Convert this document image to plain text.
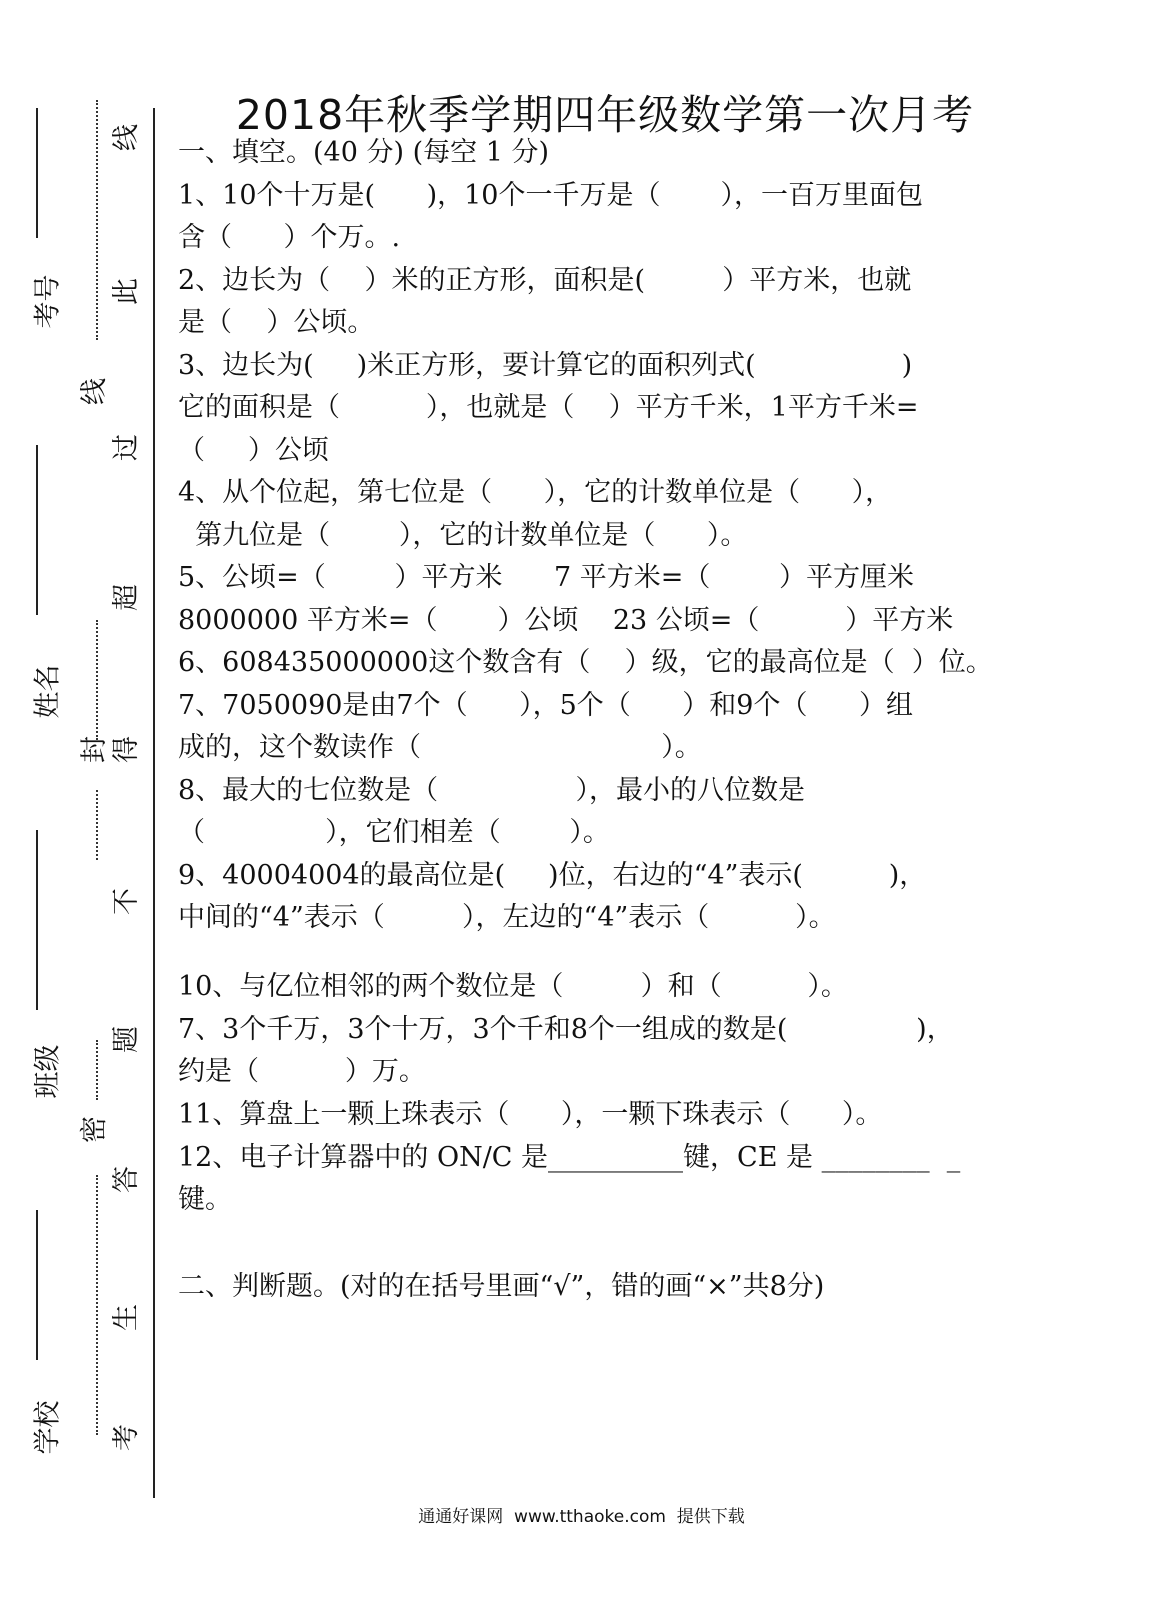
考号
姓名
班级
学校
线
此
线
过
超
封 得
不
题
密
答
生
考
2018年秋季学期四年级数学第一次月考
一、填空。(40 分) (每空 1 分)
1、10个十万是(      )，10个一千万是（       ），一百万里面包
含（      ）个万。.
2、边长为（    ）米的正方形，面积是(         ）平方米，也就
是（    ）公顷。
3、边长为(     )米正方形，要计算它的面积列式(                 )
它的面积是（          ），也就是（    ）平方千米，1平方千米=
（     ）公顷
4、从个位起，第七位是（      ），它的计数单位是（      ），
第九位是（        ），它的计数单位是（      ）。
5、公顷=（        ）平方米      7 平方米=（        ）平方厘米
8000000 平方米=（       ）公顷    23 公顷=（          ）平方米
6、608435000000这个数含有（    ）级，它的最高位是（  ）位。
7、7050090是由7个（      ），5个（      ）和9个（      ）组
成的，这个数读作（                            ）。
8、最大的七位数是（                ），最小的八位数是
（              ），它们相差（        ）。
9、40004004的最高位是(     )位，右边的“4”表示(          )，
中间的“4”表示（         ），左边的“4”表示（          ）。
10、与亿位相邻的两个数位是（         ）和（          ）。
7、3个千万，3个十万，3个千和8个一组成的数是(               )，
约是（          ）万。
11、算盘上一颗上珠表示（      ），一颗下珠表示（      ）。
12、电子计算器中的 ON/C 是__________键，CE 是 ________  _
键。
二、判断题。(对的在括号里画“√”，错的画“×”共8分)
通通好课网  www.tthaoke.com  提供下载
